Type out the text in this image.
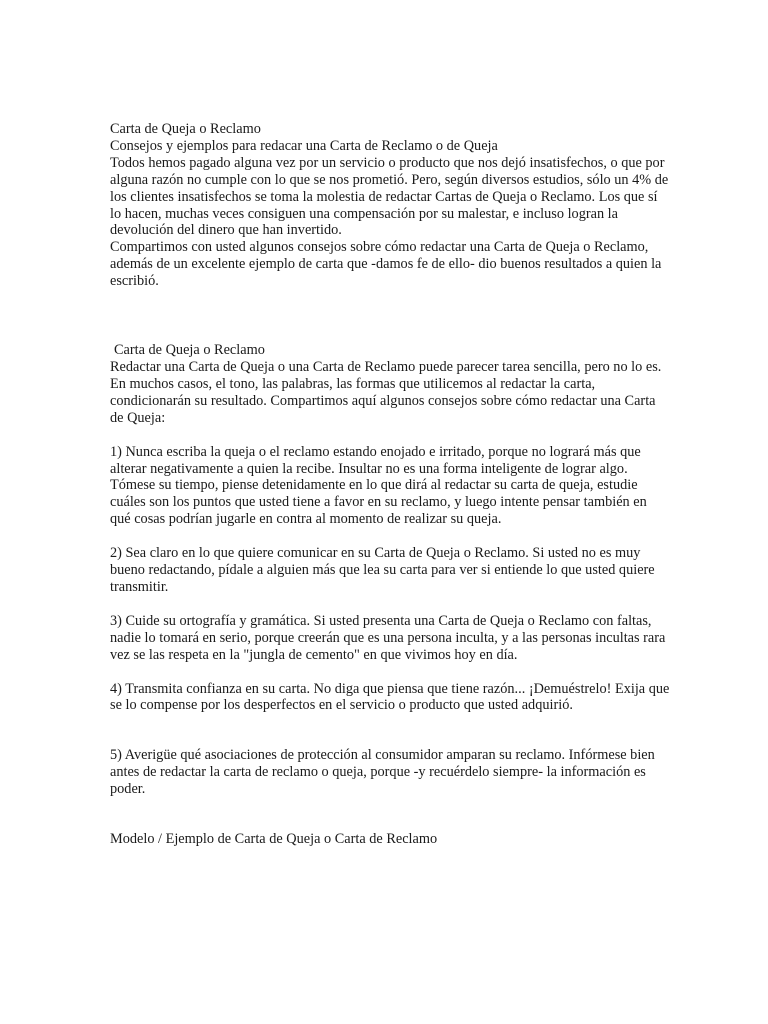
Carta de Queja o Reclamo

Consejos y ejemplos para redacar una Carta de Reclamo o de Queja

Todos hemos pagado alguna vez por un servicio o producto que nos dejó insatisfechos, o que por alguna razón no cumple con lo que se nos prometió. Pero, según diversos estudios, sólo un 4% de los clientes insatisfechos se toma la molestia de redactar Cartas de Queja o Reclamo. Los que sí lo hacen, muchas veces consiguen una compensación por su malestar, e incluso logran la devolución del dinero que han invertido.

Compartimos con usted algunos consejos sobre cómo redactar una Carta de Queja o Reclamo, además de un excelente ejemplo de carta que -damos fe de ello- dio buenos resultados a quien la escribió.

Carta de Queja o Reclamo

Redactar una Carta de Queja o una Carta de Reclamo puede parecer tarea sencilla, pero no lo es. En muchos casos, el tono, las palabras, las formas que utilicemos al redactar la carta, condicionarán su resultado. Compartimos aquí algunos consejos sobre cómo redactar una Carta de Queja:

1) Nunca escriba la queja o el reclamo estando enojado e irritado, porque no logrará más que alterar negativamente a quien la recibe. Insultar no es una forma inteligente de lograr algo. Tómese su tiempo, piense detenidamente en lo que dirá al redactar su carta de queja, estudie cuáles son los puntos que usted tiene a favor en su reclamo, y luego intente pensar también en qué cosas podrían jugarle en contra al momento de realizar su queja.

2) Sea claro en lo que quiere comunicar en su Carta de Queja o Reclamo. Si usted no es muy bueno redactando, pídale a alguien más que lea su carta para ver si entiende lo que usted quiere transmitir.

3) Cuide su ortografía y gramática. Si usted presenta una Carta de Queja o Reclamo con faltas, nadie lo tomará en serio, porque creerán que es una persona inculta, y a las personas incultas rara vez se las respeta en la "jungla de cemento" en que vivimos hoy en día.

4) Transmita confianza en su carta. No diga que piensa que tiene razón... ¡Demuéstrelo! Exija que se lo compense por los desperfectos en el servicio o producto que usted adquirió.

5) Averigüe qué asociaciones de protección al consumidor amparan su reclamo. Infórmese bien antes de redactar la carta de reclamo o queja, porque -y recuérdelo siempre- la información es poder.

Modelo / Ejemplo de Carta de Queja o Carta de Reclamo
